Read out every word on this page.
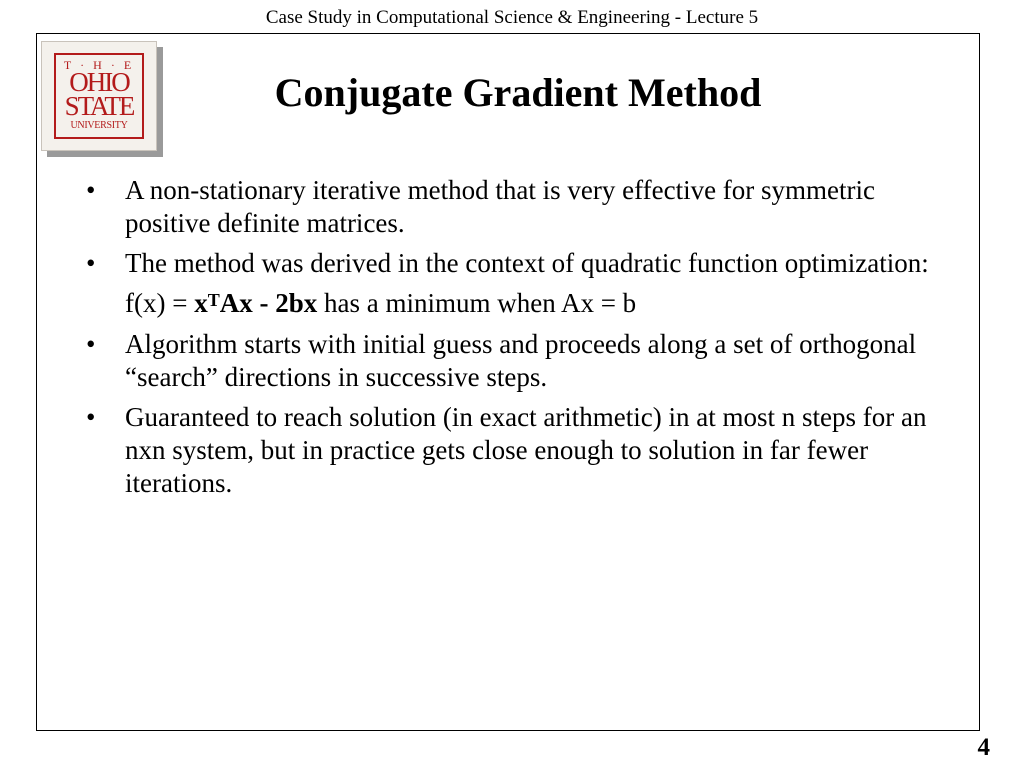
Case Study in Computational Science & Engineering - Lecture 5
T·H·E
OHIO
STATE
UNIVERSITY
Conjugate Gradient Method
• A non-stationary iterative method that is very effective for symmetric positive definite matrices.
• The method was derived in the context of quadratic function optimization:
$f(x) = x^TAx - 2bx$ has a minimum when Ax = b
• Algorithm starts with initial guess and proceeds along a set of orthogonal “search” directions in successive steps.
• Guaranteed to reach solution (in exact arithmetic) in at most n steps for an nxn system, but in practice gets close enough to solution in far fewer iterations.
4
